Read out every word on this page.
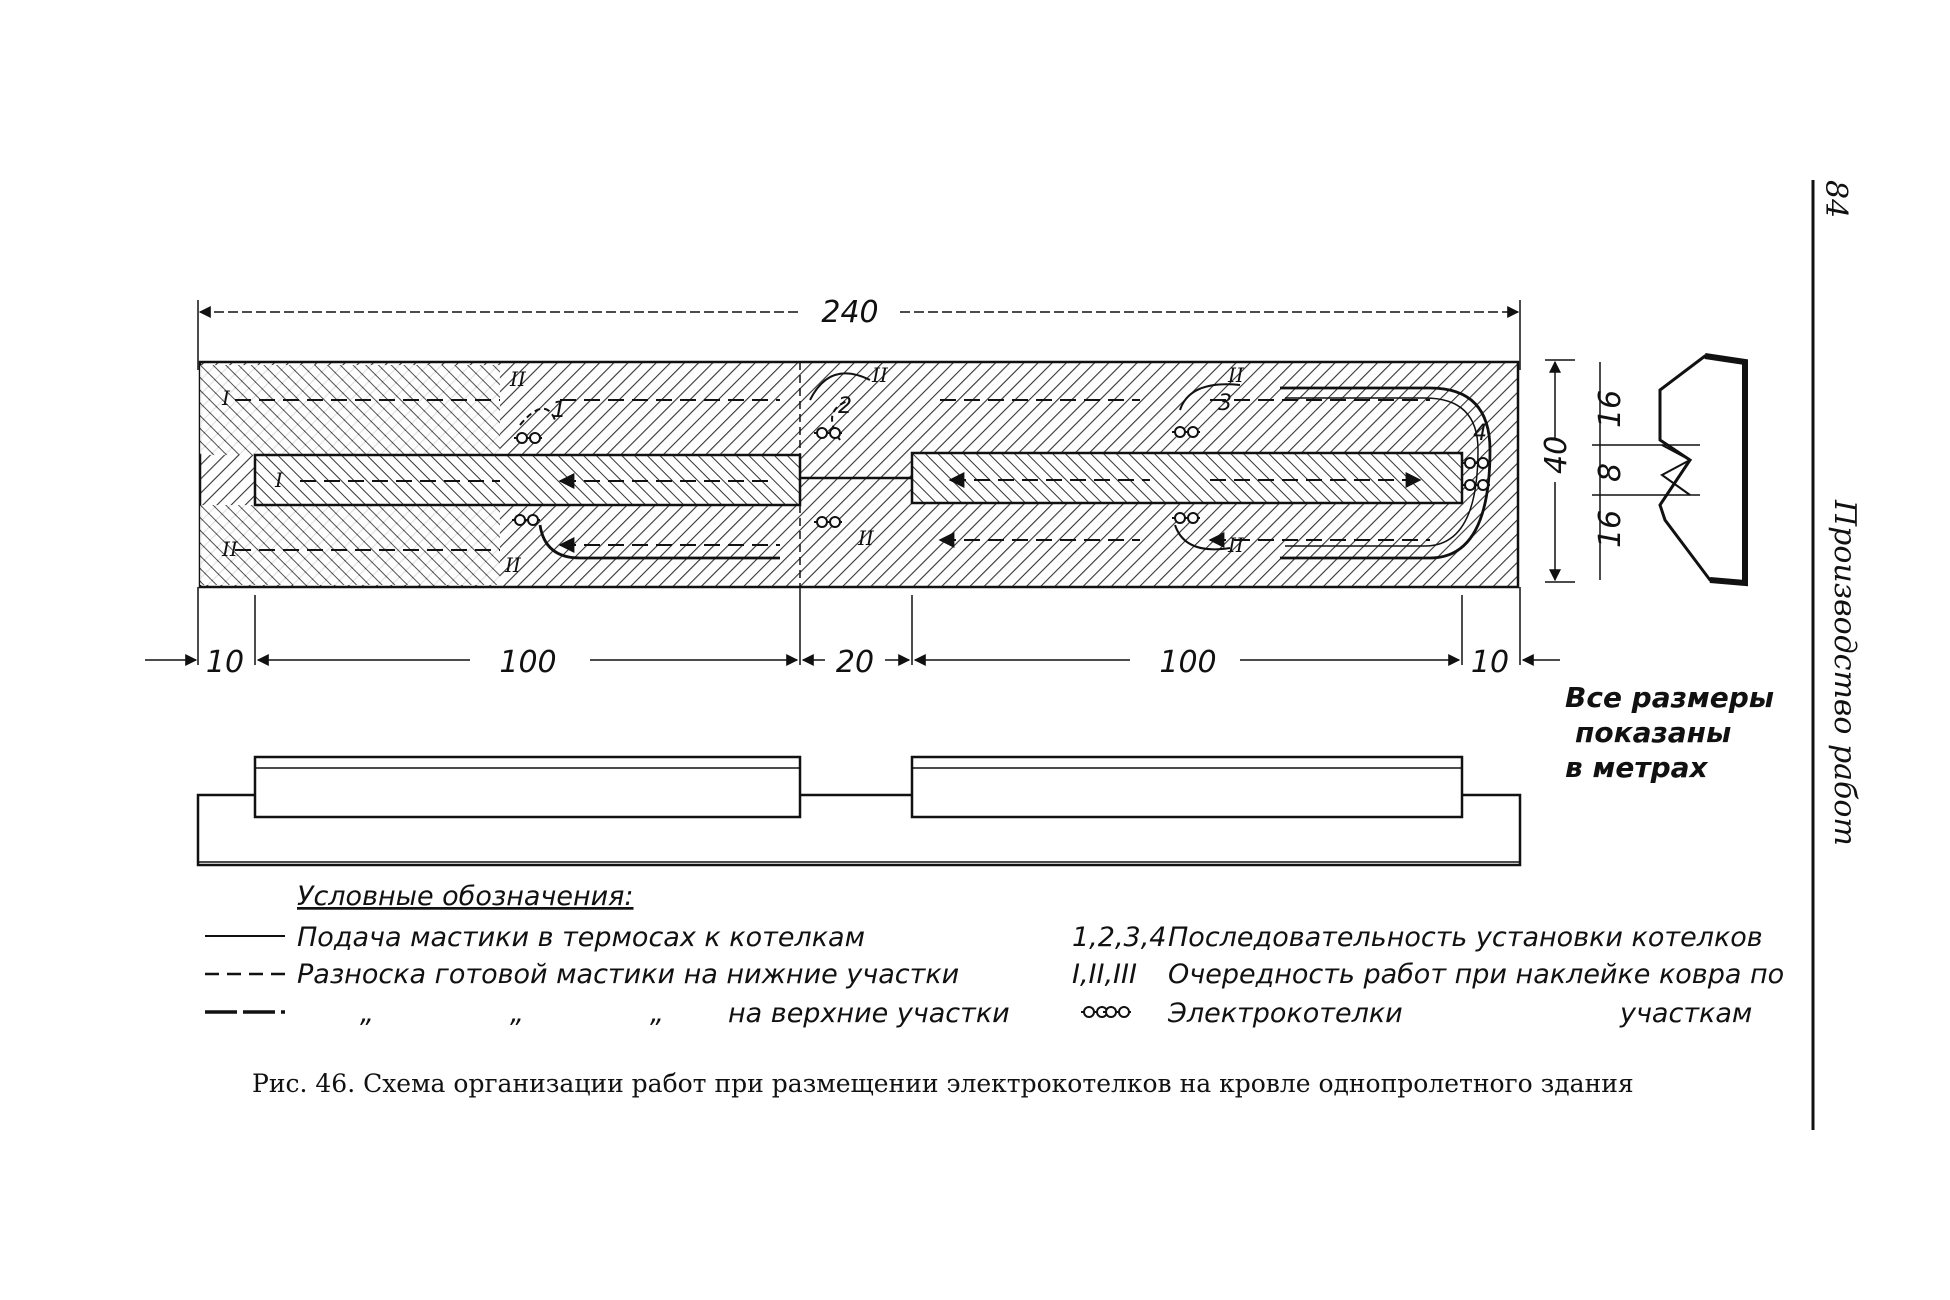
Производство работ
84
240
I
II
I
II
II
II
II
II
II
1	2	3
4
40
16
8
16
10	100	20	100	10
Все размеры
показаны
в метрах
Условные обозначения:
Подача мастики в термосах к котелкам
Разноска готовой мастики на нижние участки
„	„	„ на верхние участки
1,2,3,4 Последовательность установки котелков
I,II,III Очередность работ при наклейке ковра по
Электрокотелки	участкам
Рис. 46. Схема организации работ при размещении электрокотелков на кровле однопролетного здания
